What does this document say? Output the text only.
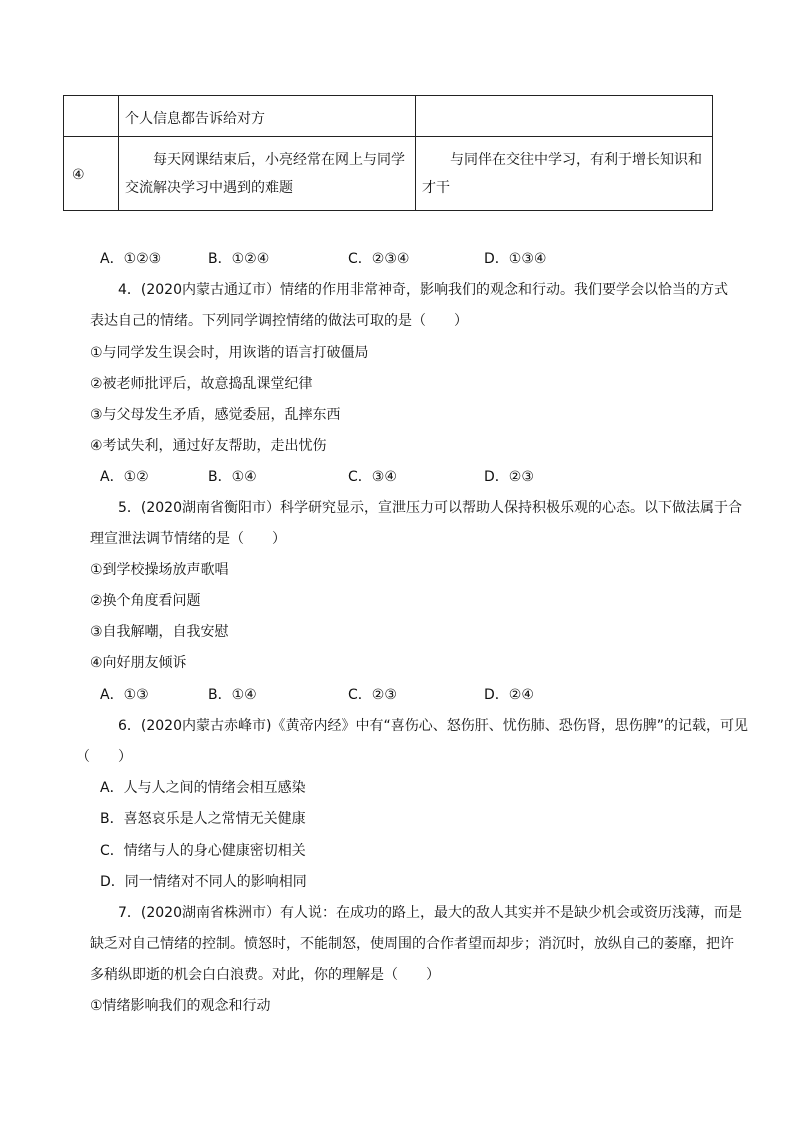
	个人信息都告诉给对方	

④	每天网课结束后，小亮经常在网上与同学交流解决学习中遇到的难题	与同伴在交往中学习，有利于增长知识和才干
A．①②③	B．①②④	C．②③④	D．①③④
4．(2020内蒙古通辽市）情绪的作用非常神奇，影响我们的观念和行动。我们要学会以恰当的方式
表达自己的情绪。下列同学调控情绪的做法可取的是（　　）
①与同学发生误会时，用诙谐的语言打破僵局
②被老师批评后，故意捣乱课堂纪律
③与父母发生矛盾，感觉委屈，乱摔东西
④考试失利，通过好友帮助，走出忧伤
A．①②	B．①④	C．③④	D．②③
5．(2020湖南省衡阳市）科学研究显示，宣泄压力可以帮助人保持积极乐观的心态。以下做法属于合
理宣泄法调节情绪的是（　　）
①到学校操场放声歌唱
②换个角度看问题
③自我解嘲，自我安慰
④向好朋友倾诉
A．①③	B．①④	C．②③	D．②④
6．(2020内蒙古赤峰市)《黄帝内经》中有“喜伤心、怒伤肝、忧伤肺、恐伤肾，思伤脾”的记载，可见
（　　）
A．人与人之间的情绪会相互感染
B．喜怒哀乐是人之常情无关健康
C．情绪与人的身心健康密切相关
D．同一情绪对不同人的影响相同
7．(2020湖南省株洲市）有人说：在成功的路上，最大的敌人其实并不是缺少机会或资历浅薄，而是
缺乏对自己情绪的控制。愤怒时，不能制怒，使周围的合作者望而却步；消沉时，放纵自己的萎靡，把许
多稍纵即逝的机会白白浪费。对此，你的理解是（　　）
①情绪影响我们的观念和行动
